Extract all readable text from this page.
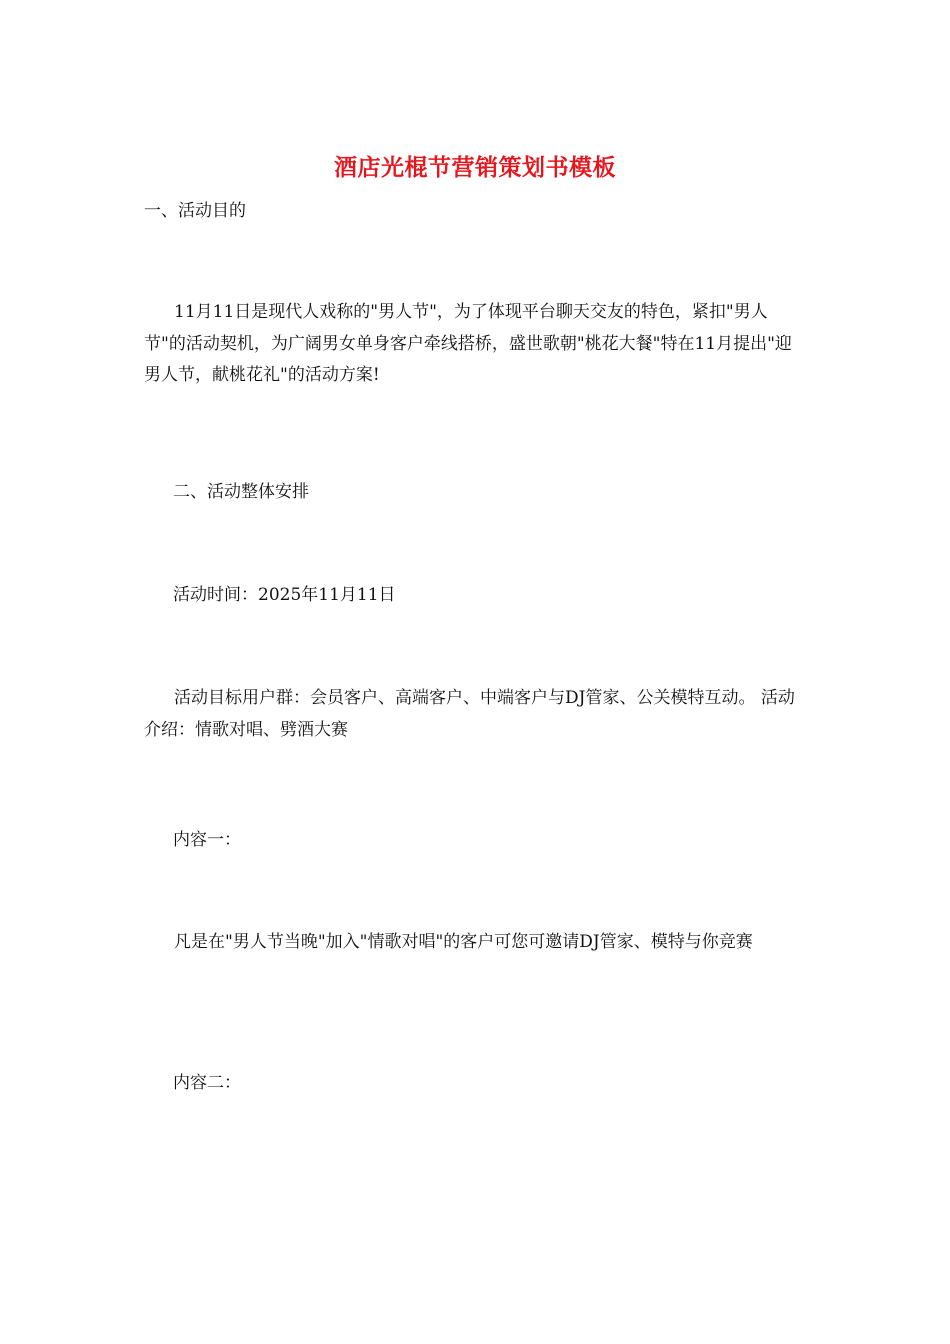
酒店光棍节营销策划书模板
一、活动目的
11月11日是现代人戏称的"男人节"，为了体现平台聊天交友的特色，紧扣"男人节"的活动契机，为广阔男女单身客户牵线搭桥，盛世歌朝"桃花大餐"特在11月提出"迎男人节，献桃花礼"的活动方案!
二、活动整体安排
活动时间：2025年11月11日
活动目标用户群：会员客户、高端客户、中端客户与DJ管家、公关模特互动。 活动介绍：情歌对唱、劈酒大赛
内容一：
凡是在"男人节当晚"加入"情歌对唱"的客户可您可邀请DJ管家、模特与你竞赛
内容二：
